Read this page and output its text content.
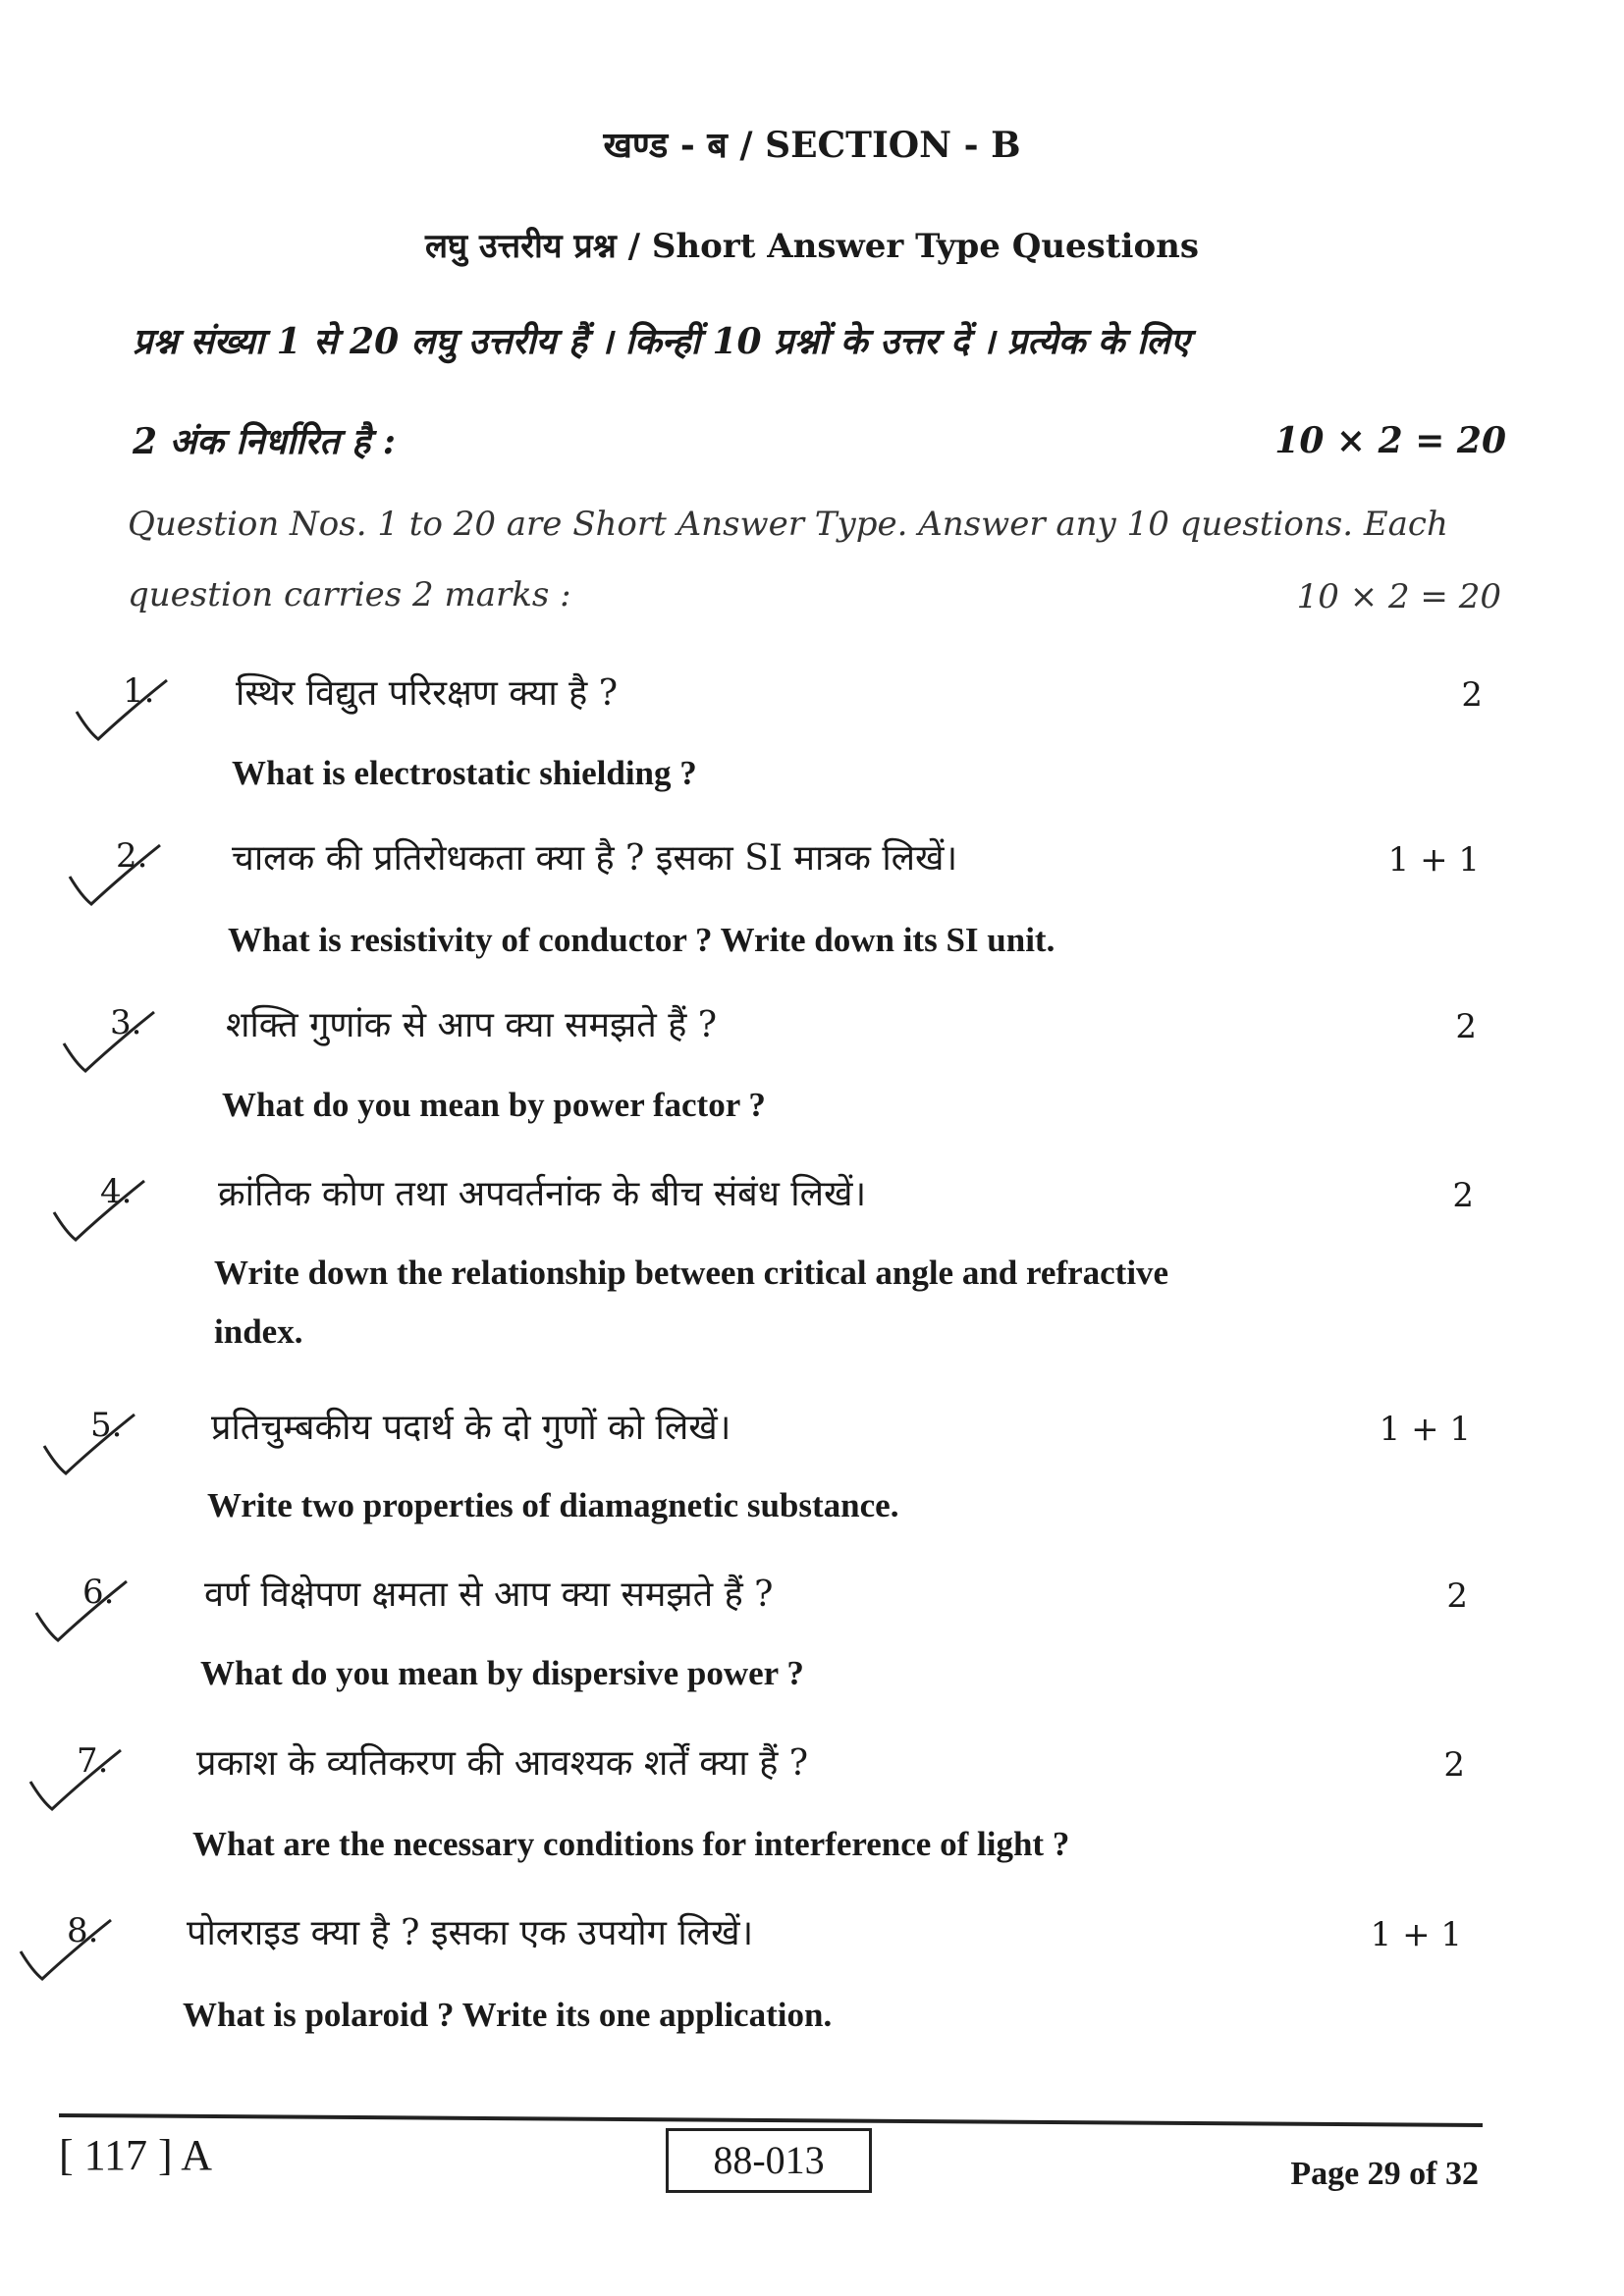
खण्ड - ब / SECTION - B
लघु उत्तरीय प्रश्न / Short Answer Type Questions
प्रश्न संख्या 1 से 20 लघु उत्तरीय हैं । किन्हीं 10 प्रश्नों के उत्तर दें । प्रत्येक के लिए
2 अंक निर्धारित है :	10 × 2 = 20
Question Nos. 1 to 20 are Short Answer Type. Answer any 10 questions. Each
question carries 2 marks :	10 × 2 = 20
1. स्थिर विद्युत परिरक्षण क्या है ?
What is electrostatic shielding ?
2
2. चालक की प्रतिरोधकता क्या है ? इसका SI मात्रक लिखें।
What is resistivity of conductor ? Write down its SI unit.
1 + 1
3. शक्ति गुणांक से आप क्या समझते हैं ?
What do you mean by power factor ?
2
4. क्रांतिक कोण तथा अपवर्तनांक के बीच संबंध लिखें।
Write down the relationship between critical angle and refractive
index.
2
5.	प्रतिचुम्बकीय पदार्थ के दो गुणों को लिखें।
Write two properties of diamagnetic substance.
1 + 1
6.	वर्ण विक्षेपण क्षमता से आप क्या समझते हैं ?
What do you mean by dispersive power ?
2
7. प्रकाश के व्यतिकरण की आवश्यक शर्तें क्या हैं ?
What are the necessary conditions for interference of light ?
2
8. पोलराइड क्या है ? इसका एक उपयोग लिखें।
What is polaroid ? Write its one application.
1 + 1
[ 117 ] A	88-013	Page 29 of 32
